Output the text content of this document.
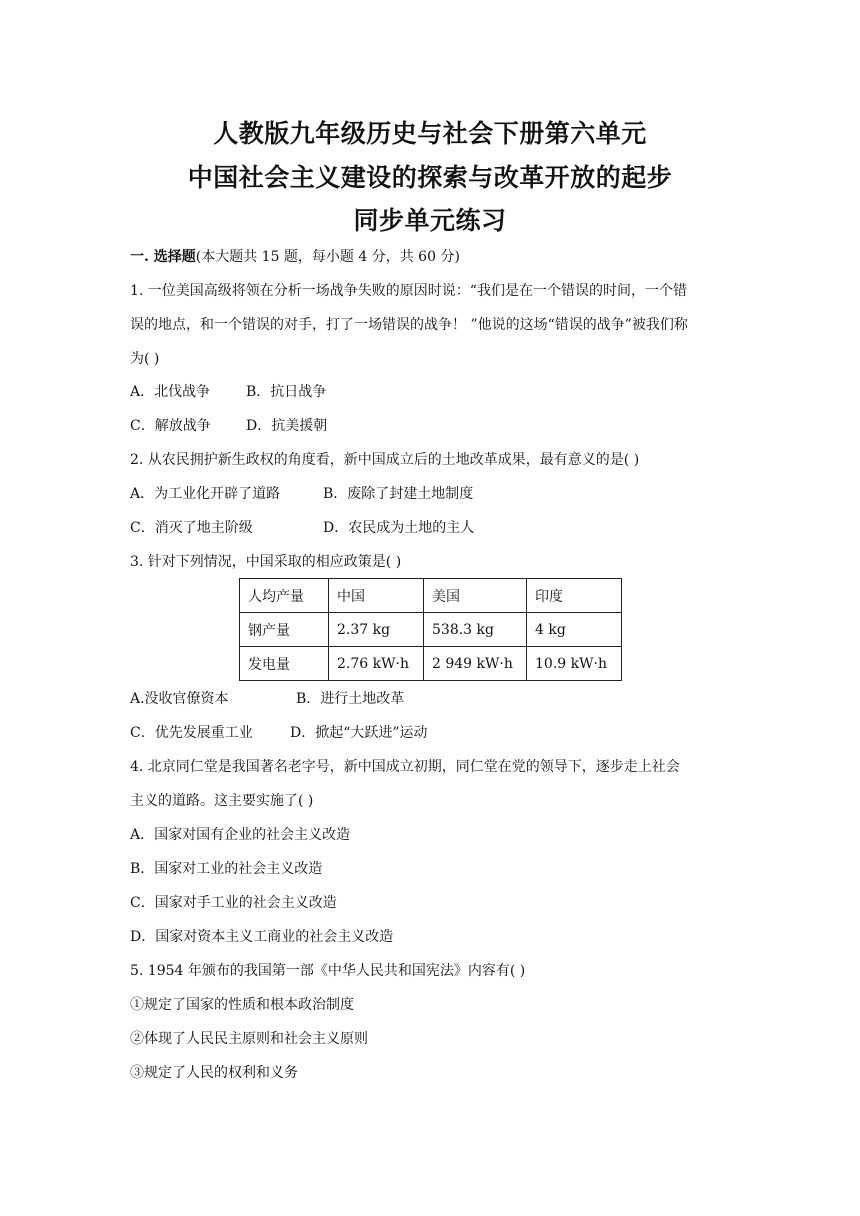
人教版九年级历史与社会下册第六单元
中国社会主义建设的探索与改革开放的起步
同步单元练习
一. 选择题(本大题共 15 题，每小题 4 分，共 60 分)
1. 一位美国高级将领在分析一场战争失败的原因时说：“我们是在一个错误的时间，一个错
误的地点，和一个错误的对手，打了一场错误的战争！ ”他说的这场“错误的战争”被我们称
为( )
A．北伐战争	B．抗日战争
C．解放战争	D．抗美援朝
2. 从农民拥护新生政权的角度看，新中国成立后的土地改革成果，最有意义的是( )
A．为工业化开辟了道路	B．废除了封建土地制度
C．消灭了地主阶级	D．农民成为土地的主人
3. 针对下列情况，中国采取的相应政策是( )
人均产量	中国	美国	印度
钢产量	2.37 kg	538.3 kg	4 kg
发电量	2.76 kW·h	2 949 kW·h	10.9 kW·h
A.没收官僚资本	B．进行土地改革
C．优先发展重工业	D．掀起“大跃进”运动
4. 北京同仁堂是我国著名老字号，新中国成立初期，同仁堂在党的领导下，逐步走上社会
主义的道路。这主要实施了( )
A．国家对国有企业的社会主义改造
B．国家对工业的社会主义改造
C．国家对手工业的社会主义改造
D．国家对资本主义工商业的社会主义改造
5. 1954 年颁布的我国第一部《中华人民共和国宪法》内容有( )
①规定了国家的性质和根本政治制度
②体现了人民民主原则和社会主义原则
③规定了人民的权利和义务
